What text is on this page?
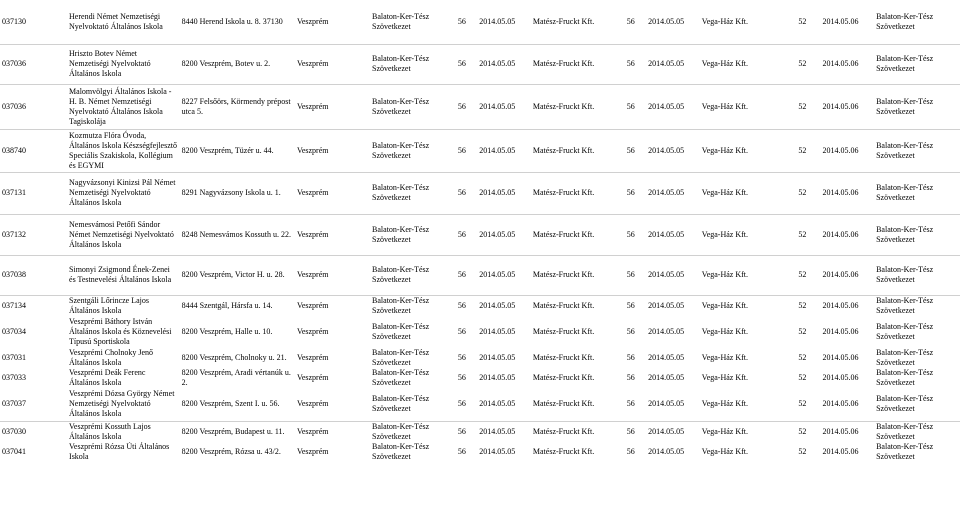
037130	Herendi Német Nemzetiségi Nyelvoktató Általános Iskola	8440 Herend Iskola u. 8. 37130	Veszprém	Balaton-Ker-Tész Szövetkezet	56	2014.05.05	Matész-Fruckt Kft.	56	2014.05.05	Vega-Ház Kft.	52	2014.05.06	Balaton-Ker-Tész Szövetkezet
037036	Hriszto Botev Német Nemzetiségi Nyelvoktató Általános Iskola	8200 Veszprém, Botev u. 2.	Veszprém	Balaton-Ker-Tész Szövetkezet	56	2014.05.05	Matész-Fruckt Kft.	56	2014.05.05	Vega-Ház Kft.	52	2014.05.06	Balaton-Ker-Tész Szövetkezet
037036	Malomvölgyi Általános Iskola - H. B. Német Nemzetiségi Nyelvoktató Általános Iskola Tagiskolája	8227 Felsőörs, Körmendy prépost utca 5.	Veszprém	Balaton-Ker-Tész Szövetkezet	56	2014.05.05	Matész-Fruckt Kft.	56	2014.05.05	Vega-Ház Kft.	52	2014.05.06	Balaton-Ker-Tész Szövetkezet
038740	Kozmutza Flóra Óvoda, Általános Iskola Készségfejlesztő Speciális Szakiskola, Kollégium és EGYMI	8200 Veszprém, Tüzér u. 44.	Veszprém	Balaton-Ker-Tész Szövetkezet	56	2014.05.05	Matész-Fruckt Kft.	56	2014.05.05	Vega-Ház Kft.	52	2014.05.06	Balaton-Ker-Tész Szövetkezet
037131	Nagyvázsonyi Kinizsi Pál Német Nemzetiségi Nyelvoktató Általános Iskola	8291 Nagyvázsony Iskola u. 1.	Veszprém	Balaton-Ker-Tész Szövetkezet	56	2014.05.05	Matész-Fruckt Kft.	56	2014.05.05	Vega-Ház Kft.	52	2014.05.06	Balaton-Ker-Tész Szövetkezet
037132	Nemesvámosi Petőfi Sándor Német Nemzetiségi Nyelvoktató Általános Iskola	8248 Nemesvámos Kossuth u. 22.	Veszprém	Balaton-Ker-Tész Szövetkezet	56	2014.05.05	Matész-Fruckt Kft.	56	2014.05.05	Vega-Ház Kft.	52	2014.05.06	Balaton-Ker-Tész Szövetkezet
037038	Simonyi Zsigmond Ének-Zenei és Testnevelési Általános Iskola	8200 Veszprém, Victor H. u. 28.	Veszprém	Balaton-Ker-Tész Szövetkezet	56	2014.05.05	Matész-Fruckt Kft.	56	2014.05.05	Vega-Ház Kft.	52	2014.05.06	Balaton-Ker-Tész Szövetkezet
037134	Szentgáli Lőrincze Lajos Általános Iskola	8444 Szentgál, Hársfa u. 14.	Veszprém	Balaton-Ker-Tész Szövetkezet	56	2014.05.05	Matész-Fruckt Kft.	56	2014.05.05	Vega-Ház Kft.	52	2014.05.06	Balaton-Ker-Tész Szövetkezet
037034	Veszprémi Báthory István Általános Iskola és Köznevelési Típusú Sportiskola	8200 Veszprém, Halle u. 10.	Veszprém	Balaton-Ker-Tész Szövetkezet	56	2014.05.05	Matész-Fruckt Kft.	56	2014.05.05	Vega-Ház Kft.	52	2014.05.06	Balaton-Ker-Tész Szövetkezet
037031	Veszprémi Cholnoky Jenő Általános Iskola	8200 Veszprém, Cholnoky u. 21.	Veszprém	Balaton-Ker-Tész Szövetkezet	56	2014.05.05	Matész-Fruckt Kft.	56	2014.05.05	Vega-Ház Kft.	52	2014.05.06	Balaton-Ker-Tész Szövetkezet
037033	Veszprémi Deák Ferenc Általános Iskola	8200 Veszprém, Aradi vértanúk u. 2.	Veszprém	Balaton-Ker-Tész Szövetkezet	56	2014.05.05	Matész-Fruckt Kft.	56	2014.05.05	Vega-Ház Kft.	52	2014.05.06	Balaton-Ker-Tész Szövetkezet
037037	Veszprémi Dózsa György Német Nemzetiségi Nyelvoktató Általános Iskola	8200 Veszprém, Szent I. u. 56.	Veszprém	Balaton-Ker-Tész Szövetkezet	56	2014.05.05	Matész-Fruckt Kft.	56	2014.05.05	Vega-Ház Kft.	52	2014.05.06	Balaton-Ker-Tész Szövetkezet
037030	Veszprémi Kossuth Lajos Általános Iskola	8200 Veszprém, Budapest u. 11.	Veszprém	Balaton-Ker-Tész Szövetkezet	56	2014.05.05	Matész-Fruckt Kft.	56	2014.05.05	Vega-Ház Kft.	52	2014.05.06	Balaton-Ker-Tész Szövetkezet
037041	Veszprémi Rózsa Úti Általános Iskola	8200 Veszprém, Rózsa u. 43/2.	Veszprém	Balaton-Ker-Tész Szövetkezet	56	2014.05.05	Matész-Fruckt Kft.	56	2014.05.05	Vega-Ház Kft.	52	2014.05.06	Balaton-Ker-Tész Szövetkezet
